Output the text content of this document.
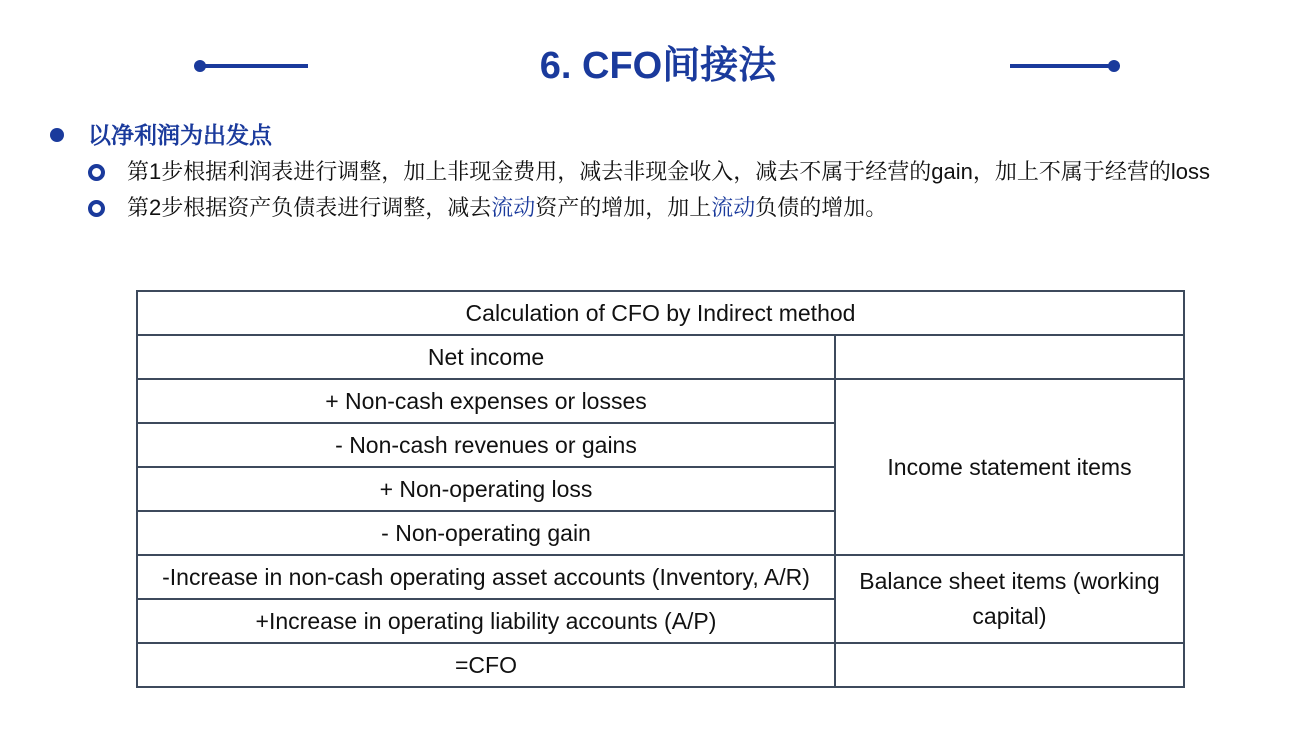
6. CFO间接法
以净利润为出发点
第1步根据利润表进行调整，加上非现金费用，减去非现金收入，减去不属于经营的gain，加上不属于经营的loss
第2步根据资产负债表进行调整，减去流动资产的增加，加上流动负债的增加。
Calculation of CFO by Indirect method	
Net income	
+ Non-cash expenses or losses	Income statement items
- Non-cash revenues or gains	
+ Non-operating loss	
- Non-operating gain	
-Increase in non-cash operating asset accounts (Inventory, A/R)	Balance sheet items (working capital)
+Increase in operating liability accounts (A/P)	
=CFO	
